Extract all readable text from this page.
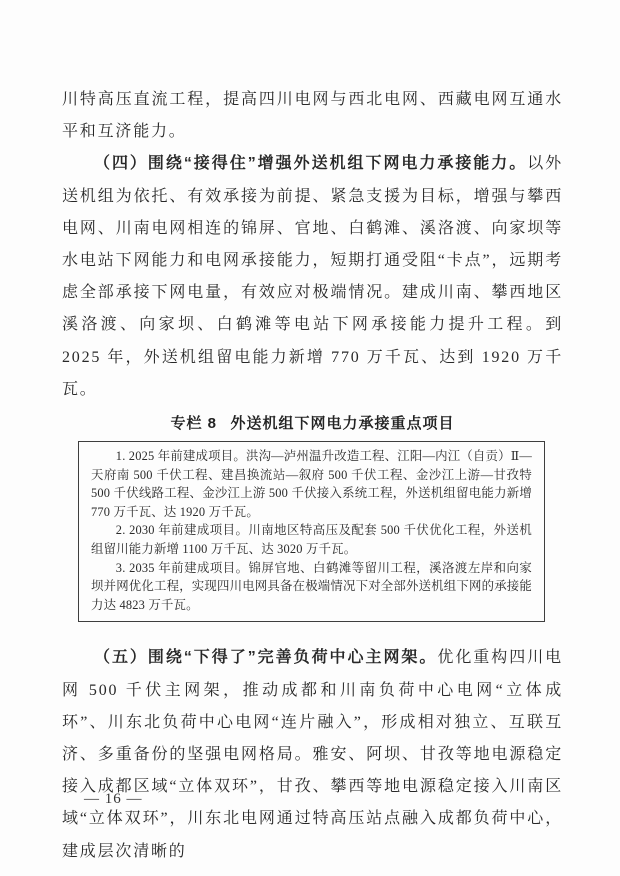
川特高压直流工程，提高四川电网与西北电网、西藏电网互通水平和互济能力。

（四）围绕“接得住”增强外送机组下网电力承接能力。以外送机组为依托、有效承接为前提、紧急支援为目标，增强与攀西电网、川南电网相连的锦屏、官地、白鹤滩、溪洛渡、向家坝等水电站下网能力和电网承接能力，短期打通受阻“卡点”，远期考虑全部承接下网电量，有效应对极端情况。建成川南、攀西地区溪洛渡、向家坝、白鹤滩等电站下网承接能力提升工程。到 2025 年，外送机组留电能力新增 770 万千瓦、达到 1920 万千瓦。

专栏 8 外送机组下网电力承接重点项目

1. 2025 年前建成项目。洪沟—泸州温升改造工程、江阳—内江（自贡）Ⅱ—天府南 500 千伏工程、建昌换流站—叙府 500 千伏工程、金沙江上游—甘孜特 500 千伏线路工程、金沙江上游 500 千伏接入系统工程，外送机组留电能力新增 770 万千瓦、达 1920 万千瓦。

2. 2030 年前建成项目。川南地区特高压及配套 500 千伏优化工程，外送机组留川能力新增 1100 万千瓦、达 3020 万千瓦。

3. 2035 年前建成项目。锦屏官地、白鹤滩等留川工程，溪洛渡左岸和向家坝并网优化工程，实现四川电网具备在极端情况下对全部外送机组下网的承接能力达 4823 万千瓦。

（五）围绕“下得了”完善负荷中心主网架。优化重构四川电网 500 千伏主网架，推动成都和川南负荷中心电网“立体成环”、川东北负荷中心电网“连片融入”，形成相对独立、互联互济、多重备份的坚强电网格局。雅安、阿坝、甘孜等地电源稳定接入成都区域“立体双环”，甘孜、攀西等地电源稳定接入川南区域“立体双环”，川东北电网通过特高压站点融入成都负荷中心，建成层次清晰的

— 16 —
